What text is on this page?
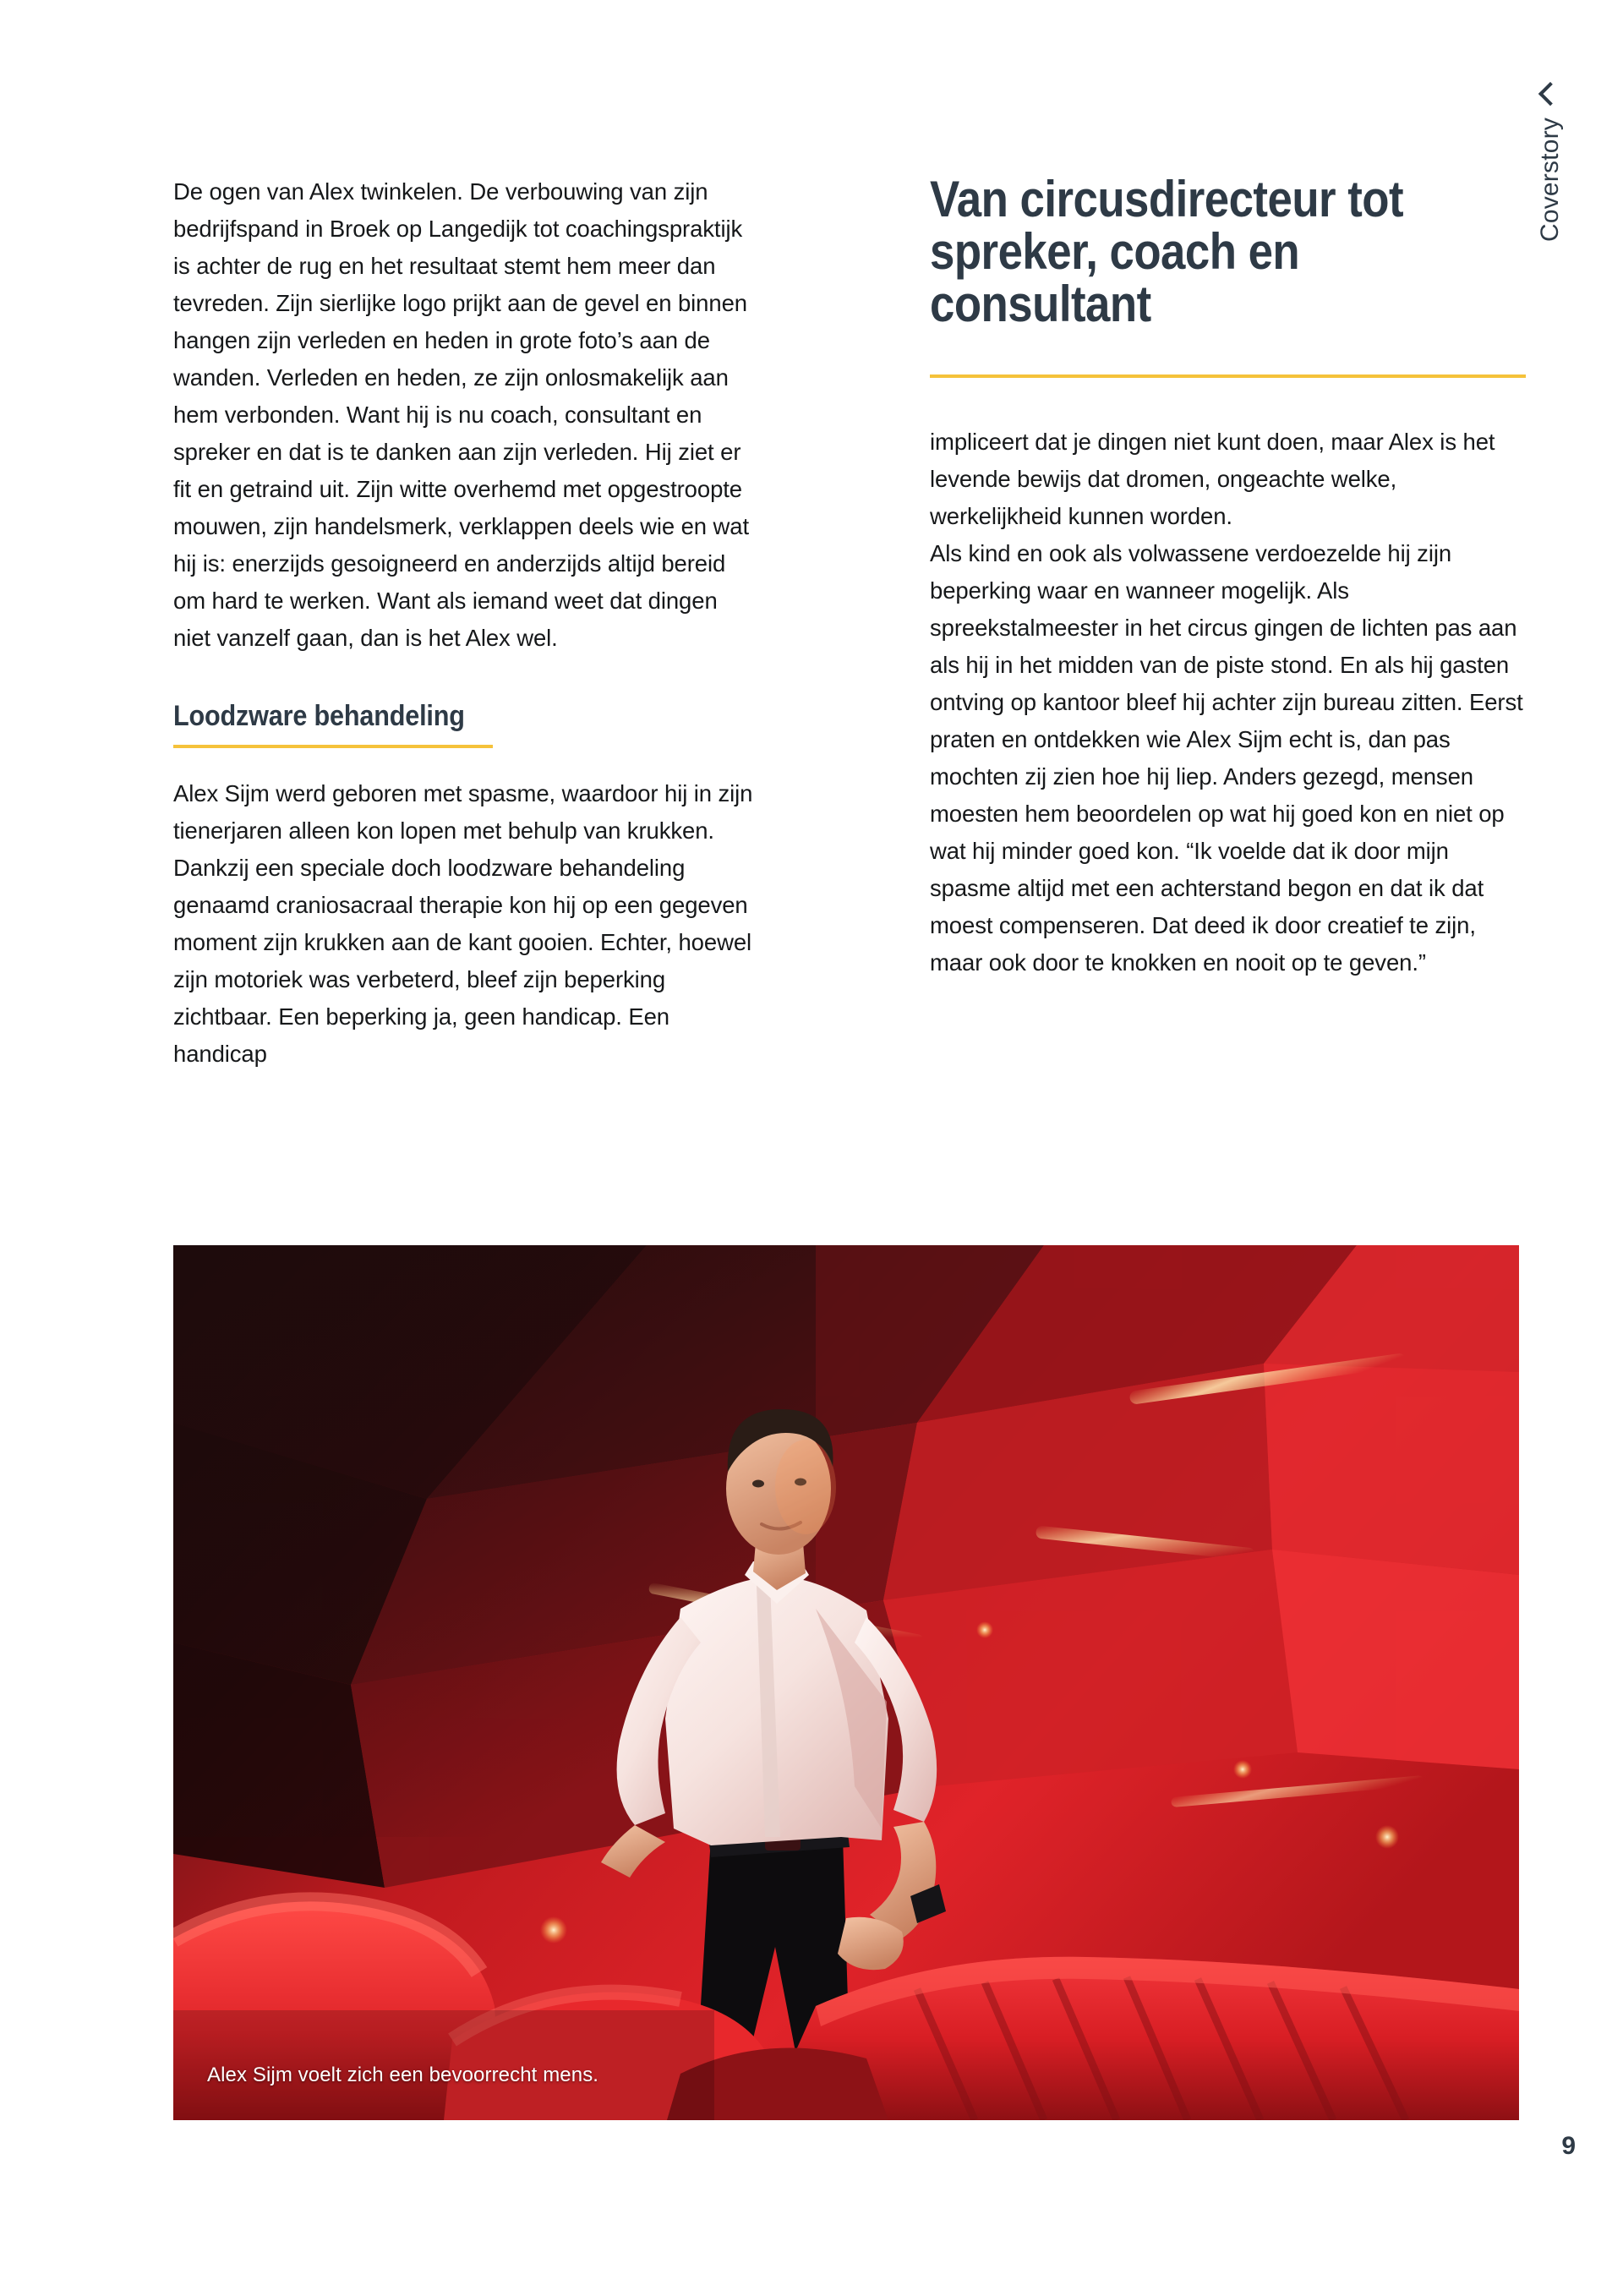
Coverstory

De ogen van Alex twinkelen. De verbouwing van zijn bedrijfspand in Broek op Langedijk tot coachingspraktijk is achter de rug en het resultaat stemt hem meer dan tevreden. Zijn sierlijke logo prijkt aan de gevel en binnen hangen zijn verleden en heden in grote foto’s aan de wanden. Verleden en heden, ze zijn onlosmakelijk aan hem verbonden. Want hij is nu coach, consultant en spreker en dat is te danken aan zijn verleden. Hij ziet er fit en getraind uit. Zijn witte overhemd met opgestroopte mouwen, zijn handelsmerk, verklappen deels wie en wat hij is: enerzijds gesoigneerd en anderzijds altijd bereid om hard te werken. Want als iemand weet dat dingen niet vanzelf gaan, dan is het Alex wel.

Loodzware behandeling

Alex Sijm werd geboren met spasme, waardoor hij in zijn tienerjaren alleen kon lopen met behulp van krukken. Dankzij een speciale doch loodzware behandeling genaamd craniosacraal therapie kon hij op een gegeven moment zijn krukken aan de kant gooien. Echter, hoewel zijn motoriek was verbeterd, bleef zijn beperking zichtbaar. Een beperking ja, geen handicap. Een handicap

Van circusdirecteur tot spreker, coach en consultant

impliceert dat je dingen niet kunt doen, maar Alex is het levende bewijs dat dromen, ongeachte welke, werkelijkheid kunnen worden.

Als kind en ook als volwassene verdoezelde hij zijn beperking waar en wanneer mogelijk. Als spreekstalmeester in het circus gingen de lichten pas aan als hij in het midden van de piste stond. En als hij gasten ontving op kantoor bleef hij achter zijn bureau zitten. Eerst praten en ontdekken wie Alex Sijm echt is, dan pas mochten zij zien hoe hij liep. Anders gezegd, mensen moesten hem beoordelen op wat hij goed kon en niet op wat hij minder goed kon. “Ik voelde dat ik door mijn spasme altijd met een achterstand begon en dat ik dat moest compenseren. Dat deed ik door creatief te zijn, maar ook door te knokken en nooit op te geven.”

Alex Sijm voelt zich een bevoorrecht mens.
9
